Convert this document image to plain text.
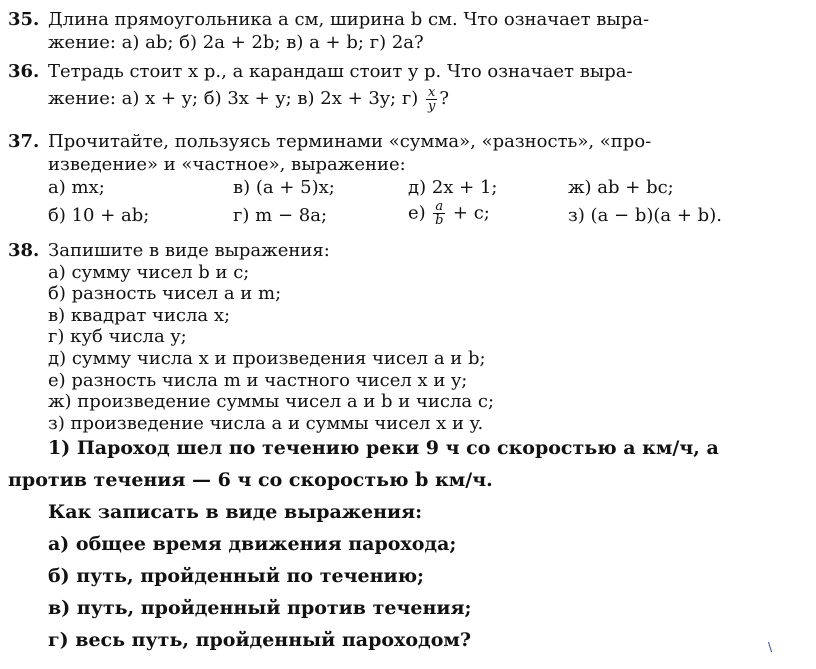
35. Длина прямоугольника a см, ширина b см. Что означает выра-
жение: а) ab; б) 2a + 2b; в) a + b; г) 2a?
36. Тетрадь стоит x р., а карандаш стоит y р. Что означает выра-
жение: а) x + y; б) 3x + y; в) 2x + 3y; $г) \frac{x}{y}$ ?
37. Прочитайте, пользуясь терминами «сумма», «разность», «про-
изведение» и «частное», выражение:
а) mx;	в) (a + 5)x;	д) 2x + 1;	ж) ab + bc;
б) 10 + ab;	г) m − 8a;	$е) \frac{a}{b} + c$;	з) (a − b)(a + b).
38. Запишите в виде выражения:
а) сумму чисел b и c;
б) разность чисел a и m;
в) квадрат числа x;
г) куб числа y;
д) сумму числа x и произведения чисел a и b;
е) разность числа m и частного чисел x и y;
ж) произведение суммы чисел a и b и числа c;
з) произведение числа a и суммы чисел x и y.
1) Пароход шел по течению реки 9 ч со скоростью a км/ч, а
против течения — 6 ч со скоростью b км/ч.
Как записать в виде выражения:
а) общее время движения парохода;
б) путь, пройденный по течению;
в) путь, пройденный против течения;
г) весь путь, пройденный пароходом?	\
